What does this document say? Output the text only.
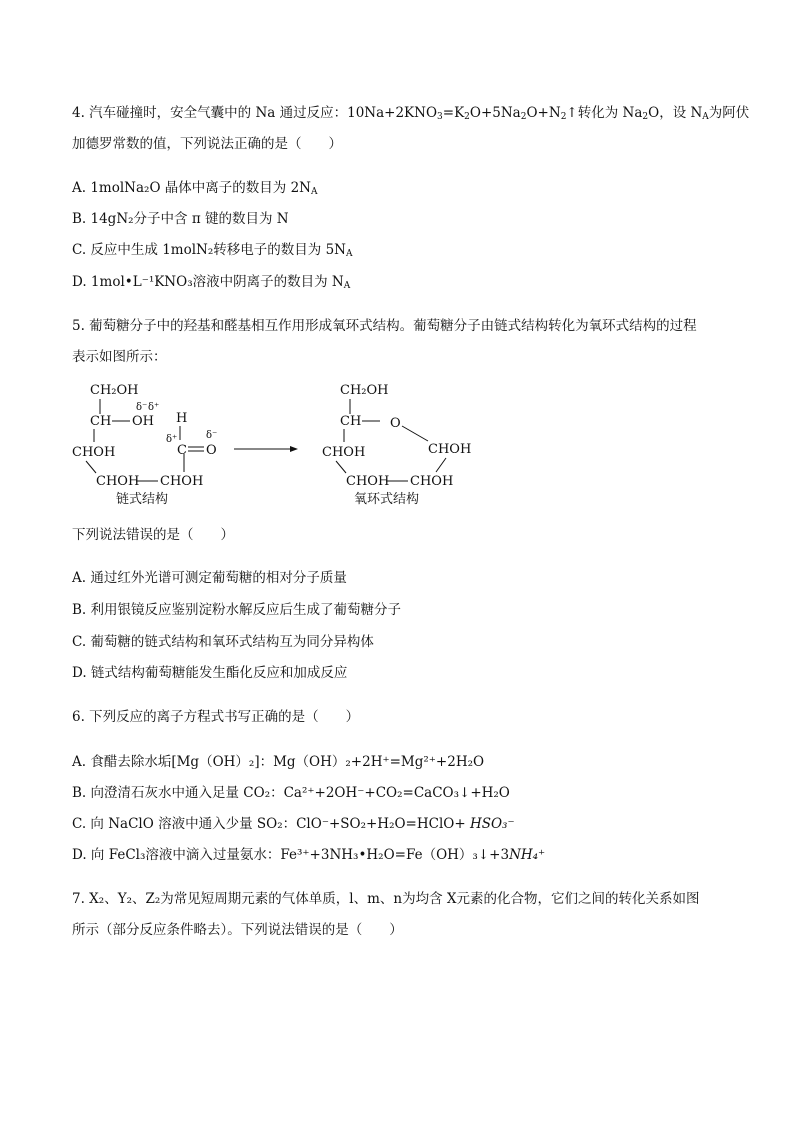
4. 汽车碰撞时，安全气囊中的 Na 通过反应：$10Na+2KNO_3=K_2O+5Na_2O+N_2↑$转化为 $Na_2O$，设 $N_A$为阿伏
加德罗常数的值，下列说法正确的是（　　）
A. 1molNa₂O 晶体中离子的数目为 $2N_A$
B. 14gN₂分子中含 π 键的数目为 N
C. 反应中生成 1molN₂转移电子的数目为 $5N_A$
D. 1mol•L⁻¹KNO₃溶液中阴离子的数目为 $N_A$
5. 葡萄糖分子中的羟基和醛基相互作用形成氧环式结构。葡萄糖分子由链式结构转化为氧环式结构的过程
表示如图所示：
CH₂OH
CH OH
δ⁻ δ⁺
CHOH
CHOH CHOH
H
δ⁺
C O
δ⁻
链式结构
CH₂OH
CH O
CHOH
CHOH
CHOH CHOH
氧环式结构
下列说法错误的是（　　）
A. 通过红外光谱可测定葡萄糖的相对分子质量
B. 利用银镜反应鉴别淀粉水解反应后生成了葡萄糖分子
C. 葡萄糖的链式结构和氧环式结构互为同分异构体
D. 链式结构葡萄糖能发生酯化反应和加成反应
6. 下列反应的离子方程式书写正确的是（　　）
A. 食醋去除水垢[Mg（OH）₂]：Mg（OH）₂+2H⁺=Mg²⁺+2H₂O
B. 向澄清石灰水中通入足量 CO₂：Ca²⁺+2OH⁻+CO₂=CaCO₃↓+H₂O
C. 向 NaClO 溶液中通入少量 SO₂：ClO⁻+SO₂+H₂O=HClO+ HSO₃⁻
D. 向 FeCl₃溶液中滴入过量氨水：Fe³⁺+3NH₃•H₂O=Fe（OH）₃↓+3NH₄⁺
7. X₂、Y₂、Z₂为常见短周期元素的气体单质，l、m、n为均含 X元素的化合物，它们之间的转化关系如图
所示（部分反应条件略去）。下列说法错误的是（　　）
